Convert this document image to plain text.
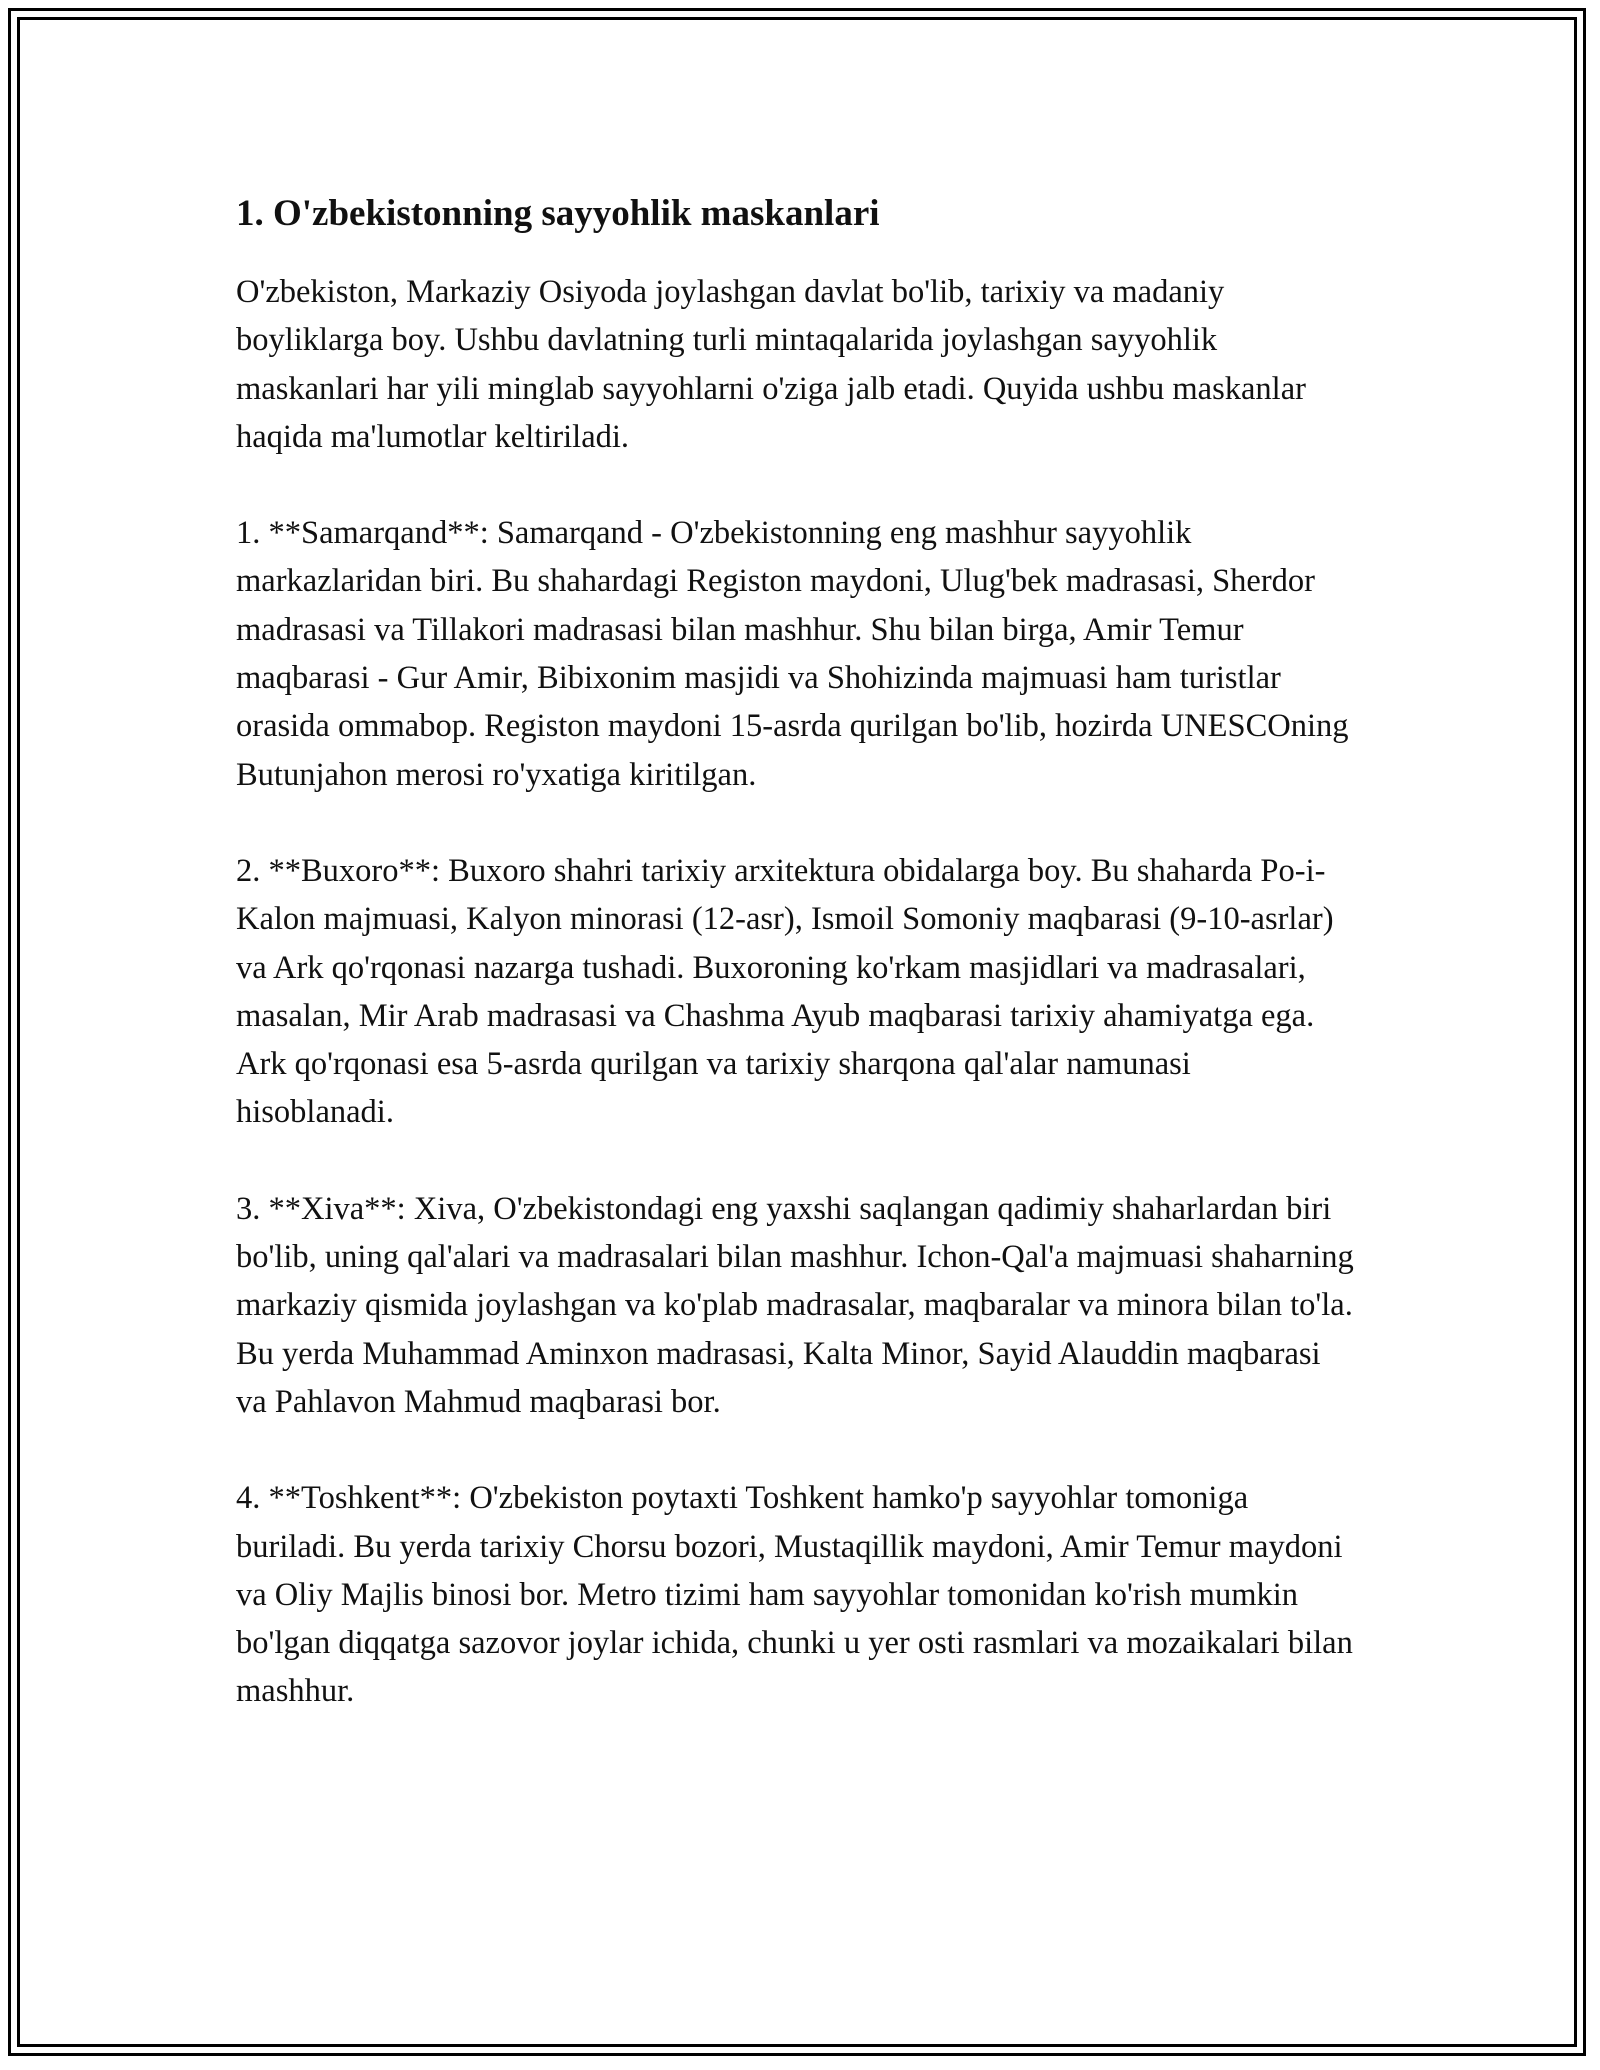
1. O'zbekistonning sayyohlik maskanlari

O'zbekiston, Markaziy Osiyoda joylashgan davlat bo'lib, tarixiy va madaniy boyliklarga boy. Ushbu davlatning turli mintaqalarida joylashgan sayyohlik maskanlari har yili minglab sayyohlarni o'ziga jalb etadi. Quyida ushbu maskanlar haqida ma'lumotlar keltiriladi.

1. **Samarqand**: Samarqand - O'zbekistonning eng mashhur sayyohlik markazlaridan biri. Bu shahardagi Registon maydoni, Ulug'bek madrasasi, Sherdor madrasasi va Tillakori madrasasi bilan mashhur. Shu bilan birga, Amir Temur maqbarasi - Gur Amir, Bibixonim masjidi va Shohizinda majmuasi ham turistlar orasida ommabop. Registon maydoni 15-asrda qurilgan bo'lib, hozirda UNESCOning Butunjahon merosi ro'yxatiga kiritilgan.

2. **Buxoro**: Buxoro shahri tarixiy arxitektura obidalarga boy. Bu shaharda Po-i-Kalon majmuasi, Kalyon minorasi (12-asr), Ismoil Somoniy maqbarasi (9-10-asrlar) va Ark qo'rqonasi nazarga tushadi. Buxoroning ko'rkam masjidlari va madrasalari, masalan, Mir Arab madrasasi va Chashma Ayub maqbarasi tarixiy ahamiyatga ega. Ark qo'rqonasi esa 5-asrda qurilgan va tarixiy sharqona qal'alar namunasi hisoblanadi.

3. **Xiva**: Xiva, O'zbekistondagi eng yaxshi saqlangan qadimiy shaharlardan biri bo'lib, uning qal'alari va madrasalari bilan mashhur. Ichon-Qal'a majmuasi shaharning markaziy qismida joylashgan va ko'plab madrasalar, maqbaralar va minora bilan to'la. Bu yerda Muhammad Aminxon madrasasi, Kalta Minor, Sayid Alauddin maqbarasi va Pahlavon Mahmud maqbarasi bor.

4. **Toshkent**: O'zbekiston poytaxti Toshkent hamko'p sayyohlar tomoniga buriladi. Bu yerda tarixiy Chorsu bozori, Mustaqillik maydoni, Amir Temur maydoni va Oliy Majlis binosi bor. Metro tizimi ham sayyohlar tomonidan ko'rish mumkin bo'lgan diqqatga sazovor joylar ichida, chunki u yer osti rasmlari va mozaikalari bilan mashhur.
